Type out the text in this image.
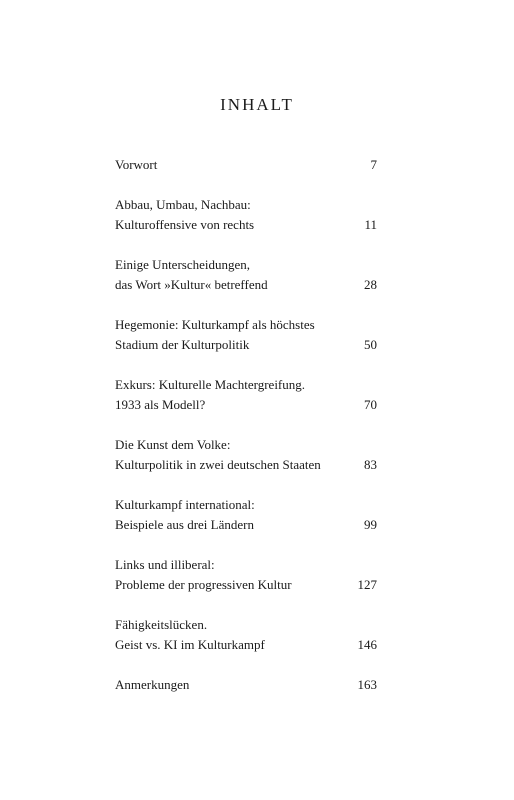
INHALT
Vorwort	7
Abbau, Umbau, Nachbau:
Kulturoffensive von rechts	11
Einige Unterscheidungen,
das Wort »Kultur« betreffend	28
Hegemonie: Kulturkampf als höchstes
Stadium der Kulturpolitik	50
Exkurs: Kulturelle Machtergreifung.
1933 als Modell?	70
Die Kunst dem Volke:
Kulturpolitik in zwei deutschen Staaten	83
Kulturkampf international:
Beispiele aus drei Ländern	99
Links und illiberal:
Probleme der progressiven Kultur	127
Fähigkeitslücken.
Geist vs. KI im Kulturkampf	146
Anmerkungen	163
